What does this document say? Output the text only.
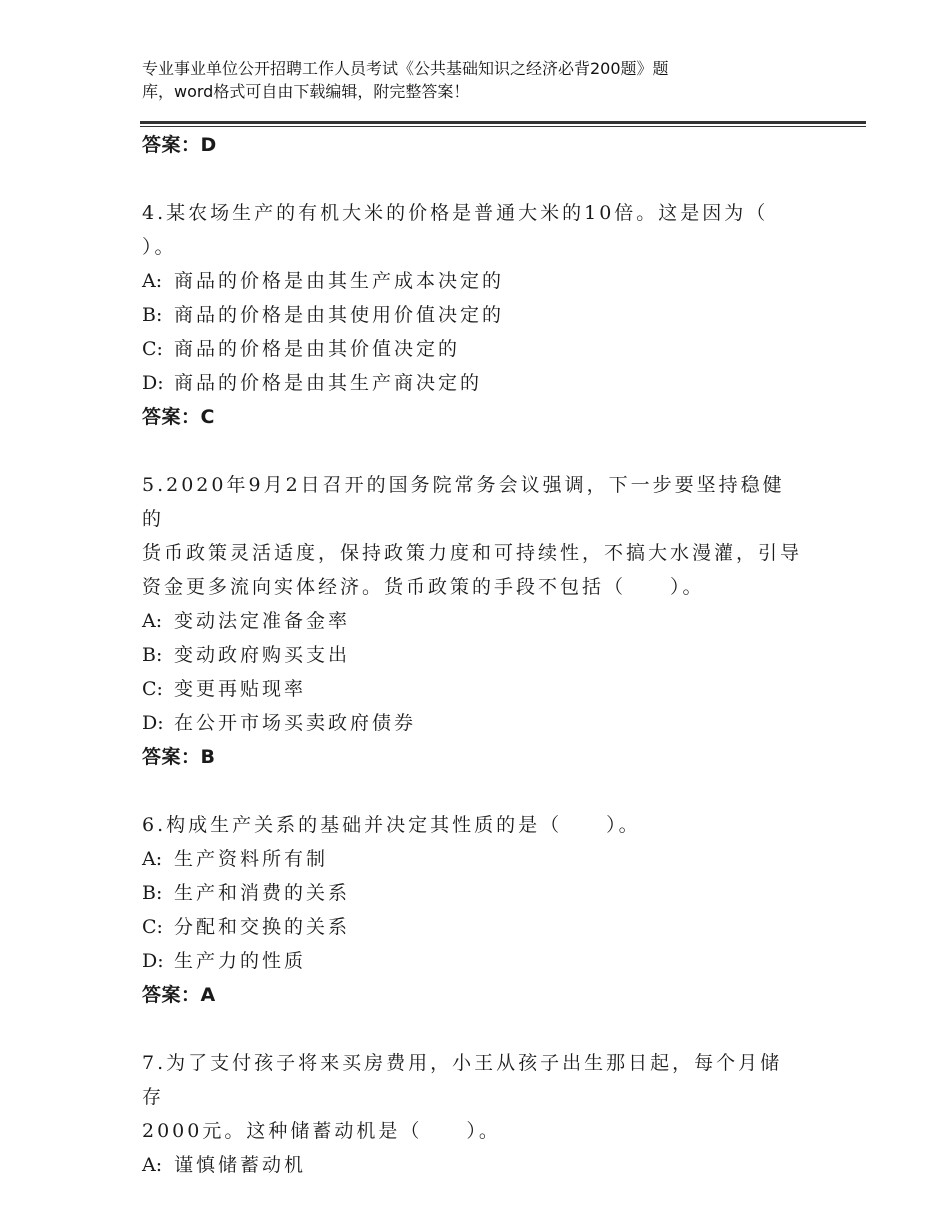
专业事业单位公开招聘工作人员考试《公共基础知识之经济必背200题》题
库，word格式可自由下载编辑，附完整答案！
答案：D
4.某农场生产的有机大米的价格是普通大米的10倍。这是因为（
）。
A: 商品的价格是由其生产成本决定的
B: 商品的价格是由其使用价值决定的
C: 商品的价格是由其价值决定的
D: 商品的价格是由其生产商决定的
答案：C
5.2020年9月2日召开的国务院常务会议强调，下一步要坚持稳健的
货币政策灵活适度，保持政策力度和可持续性，不搞大水漫灌，引导
资金更多流向实体经济。货币政策的手段不包括（　　）。
A: 变动法定准备金率
B: 变动政府购买支出
C: 变更再贴现率
D: 在公开市场买卖政府债券
答案：B
6.构成生产关系的基础并决定其性质的是（　　）。
A: 生产资料所有制
B: 生产和消费的关系
C: 分配和交换的关系
D: 生产力的性质
答案：A
7.为了支付孩子将来买房费用，小王从孩子出生那日起，每个月储存
2000元。这种储蓄动机是（　　）。
A: 谨慎储蓄动机
